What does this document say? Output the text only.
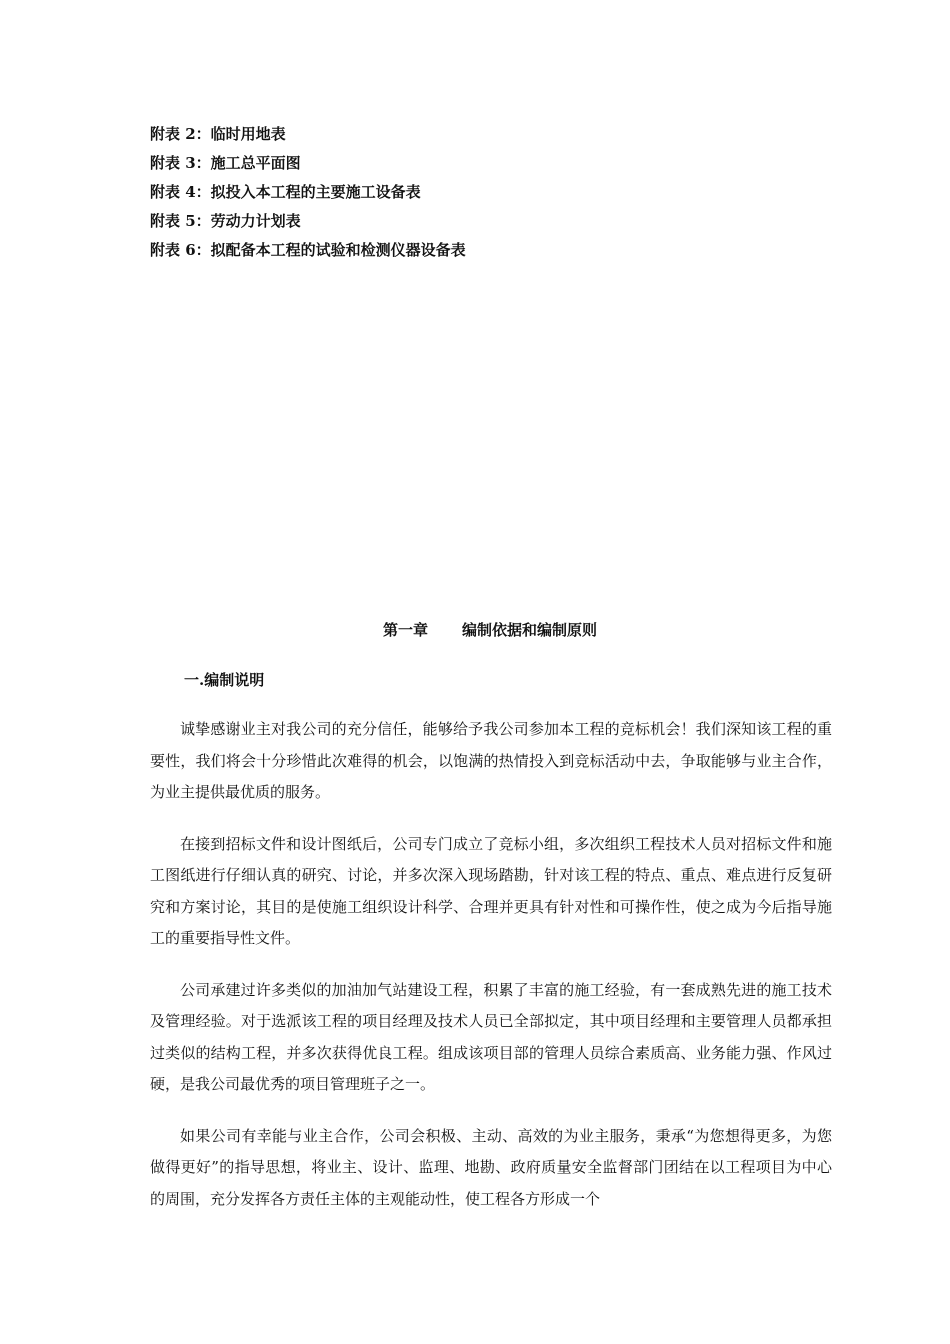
附表 2：临时用地表
附表 3：施工总平面图
附表 4：拟投入本工程的主要施工设备表
附表 5：劳动力计划表
附表 6：拟配备本工程的试验和检测仪器设备表
第一章 编制依据和编制原则
一.编制说明

诚挚感谢业主对我公司的充分信任，能够给予我公司参加本工程的竞标机会！我们深知该工程的重要性，我们将会十分珍惜此次难得的机会，以饱满的热情投入到竞标活动中去，争取能够与业主合作，为业主提供最优质的服务。

在接到招标文件和设计图纸后，公司专门成立了竞标小组，多次组织工程技术人员对招标文件和施工图纸进行仔细认真的研究、讨论，并多次深入现场踏勘，针对该工程的特点、重点、难点进行反复研究和方案讨论，其目的是使施工组织设计科学、合理并更具有针对性和可操作性，使之成为今后指导施工的重要指导性文件。

公司承建过许多类似的加油加气站建设工程，积累了丰富的施工经验，有一套成熟先进的施工技术及管理经验。对于选派该工程的项目经理及技术人员已全部拟定，其中项目经理和主要管理人员都承担过类似的结构工程，并多次获得优良工程。组成该项目部的管理人员综合素质高、业务能力强、作风过硬，是我公司最优秀的项目管理班子之一。

如果公司有幸能与业主合作，公司会积极、主动、高效的为业主服务，秉承“为您想得更多，为您做得更好”的指导思想，将业主、设计、监理、地勘、政府质量安全监督部门团结在以工程项目为中心的周围，充分发挥各方责任主体的主观能动性，使工程各方形成一个
